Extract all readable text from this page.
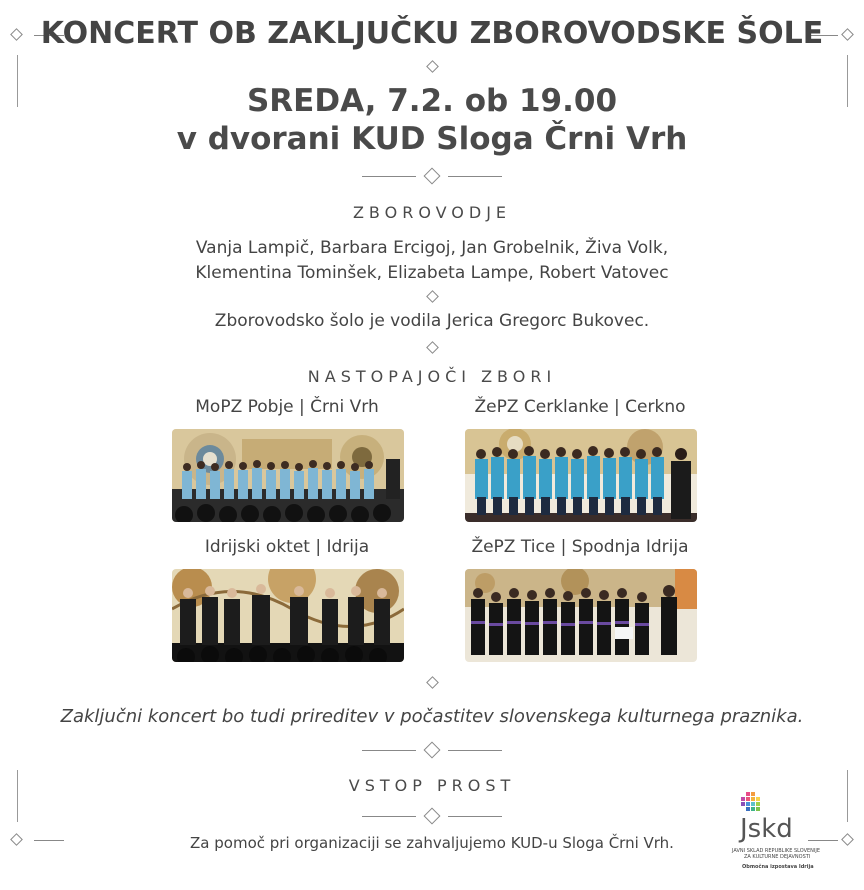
KONCERT OB ZAKLJUČKU ZBOROVODSKE ŠOLE
SREDA, 7.2. ob 19.00
v dvorani KUD Sloga Črni Vrh
ZBOROVODJE
Vanja Lampič, Barbara Ercigoj, Jan Grobelnik, Živa Volk,
Klementina Tominšek, Elizabeta Lampe, Robert Vatovec
Zborovodsko šolo je vodila Jerica Gregorc Bukovec.
NASTOPAJOČI ZBORI
MoPZ Pobje | Črni Vrh	ŽePZ Cerklanke | Cerkno
Idrijski oktet | Idrija	ŽePZ Tice | Spodnja Idrija
Zaključni koncert bo tudi prireditev v počastitev slovenskega kulturnega praznika.
VSTOP PROST
Za pomoč pri organizaciji se zahvaljujemo KUD-u Sloga Črni Vrh.	Jskd
JAVNI SKLAD REPUBLIKE SLOVENIJE
ZA KULTURNE DEJAVNOSTI
Območna izpostava Idrija
